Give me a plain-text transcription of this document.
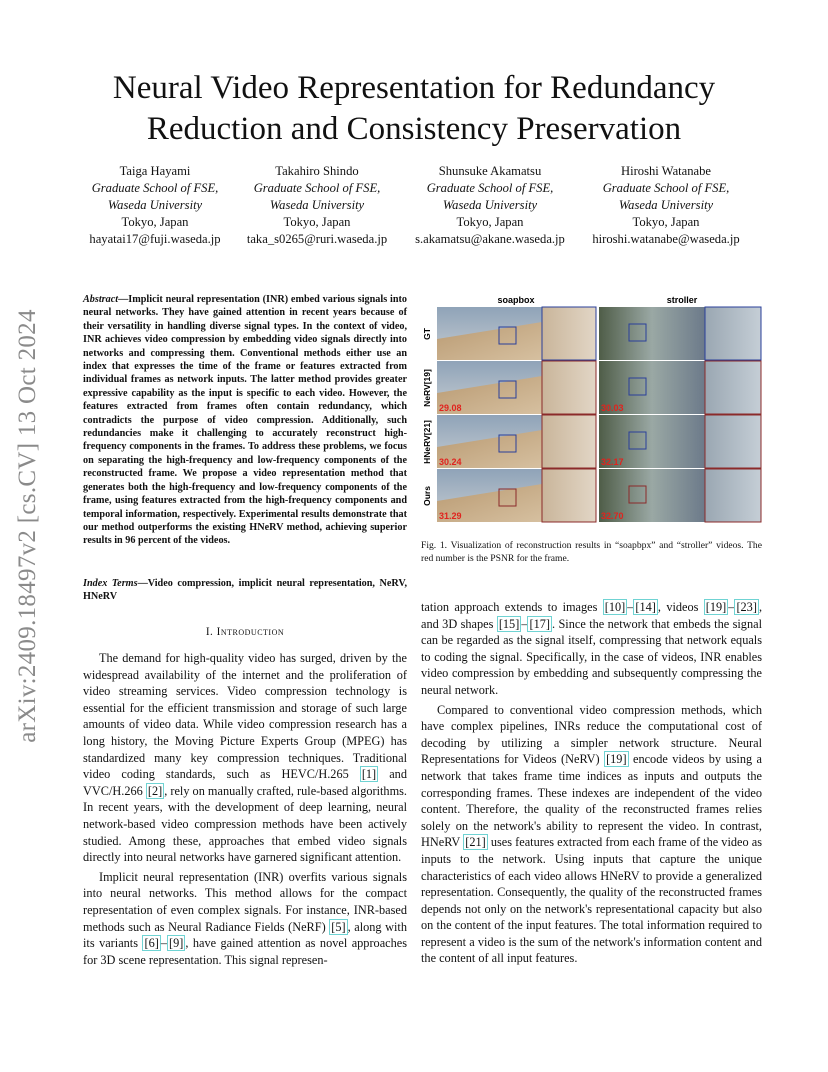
Neural Video Representation for Redundancy
Reduction and Consistency Preservation
Taiga Hayami
Graduate School of FSE,
Waseda University
Tokyo, Japan
hayatai17@fuji.waseda.jp
Takahiro Shindo
Graduate School of FSE,
Waseda University
Tokyo, Japan
taka_s0265@ruri.waseda.jp
Shunsuke Akamatsu
Graduate School of FSE,
Waseda University
Tokyo, Japan
s.akamatsu@akane.waseda.jp
Hiroshi Watanabe
Graduate School of FSE,
Waseda University
Tokyo, Japan
hiroshi.watanabe@waseda.jp
arXiv:2409.18497v2 [cs.CV] 13 Oct 2024
Abstract—Implicit neural representation (INR) embed various signals into neural networks. They have gained attention in recent years because of their versatility in handling diverse signal types. In the context of video, INR achieves video compression by embedding video signals directly into networks and compressing them. Conventional methods either use an index that expresses the time of the frame or features extracted from individual frames as network inputs. The latter method provides greater expressive capability as the input is specific to each video. However, the features extracted from frames often contain redundancy, which contradicts the purpose of video compression. Additionally, such redundancies make it challenging to accurately reconstruct high-frequency components in the frames. To address these problems, we focus on separating the high-frequency and low-frequency components of the reconstructed frame. We propose a video representation method that generates both the high-frequency and low-frequency components of the frame, using features extracted from the high-frequency components and temporal information, respectively. Experimental results demonstrate that our method outperforms the existing HNeRV method, achieving superior results in 96 percent of the videos.
Index Terms—Video compression, implicit neural representation, NeRV, HNeRV
I. Introduction

The demand for high-quality video has surged, driven by the widespread availability of the internet and the proliferation of video streaming services. Video compression technology is essential for the efficient transmission and storage of such large amounts of video data. While video compression research has a long history, the Moving Picture Experts Group (MPEG) has standardized many key compression techniques. Traditional video coding standards, such as HEVC/H.265 [1] and VVC/H.266 [2] , rely on manually crafted, rule-based algorithms. In recent years, with the development of deep learning, neural network-based video compression methods have been actively studied. Among these, approaches that embed video signals directly into neural networks have garnered significant attention.

Implicit neural representation (INR) overfits various signals into neural networks. This method allows for the compact representation of even complex signals. For instance, INR-based methods such as Neural Radiance Fields (NeRF) [5] , along with its variants [6] – [9] , have gained attention as novel approaches for 3D scene representation. This signal represen-

soapbox	stroller
GT
NeRV[19]
HNeRV[21]
Ours
29.08	30.03
30.24	32.17
31.29	32.70
Fig. 1. Visualization of reconstruction results in “soapbpx” and “stroller” videos. The red number is the PSNR for the frame.

tation approach extends to images [10] – [14] , videos [19] – [23] , and 3D shapes [15] – [17] . Since the network that embeds the signal can be regarded as the signal itself, compressing that network equals to coding the signal. Specifically, in the case of videos, INR enables video compression by embedding and subsequently compressing the neural network.

Compared to conventional video compression methods, which have complex pipelines, INRs reduce the computational cost of decoding by utilizing a simpler network structure. Neural Representations for Videos (NeRV) [19] encode videos by using a network that takes frame time indices as inputs and outputs the corresponding frames. These indexes are independent of the video content. Therefore, the quality of the reconstructed frames relies solely on the network's ability to represent the video. In contrast, HNeRV [21] uses features extracted from each frame of the video as inputs to the network. Using inputs that capture the unique characteristics of each video allows HNeRV to provide a generalized representation. Consequently, the quality of the reconstructed frames depends not only on the network's representational capacity but also on the content of the input features. The total information required to represent a video is the sum of the network's information content and the content of all input features.
